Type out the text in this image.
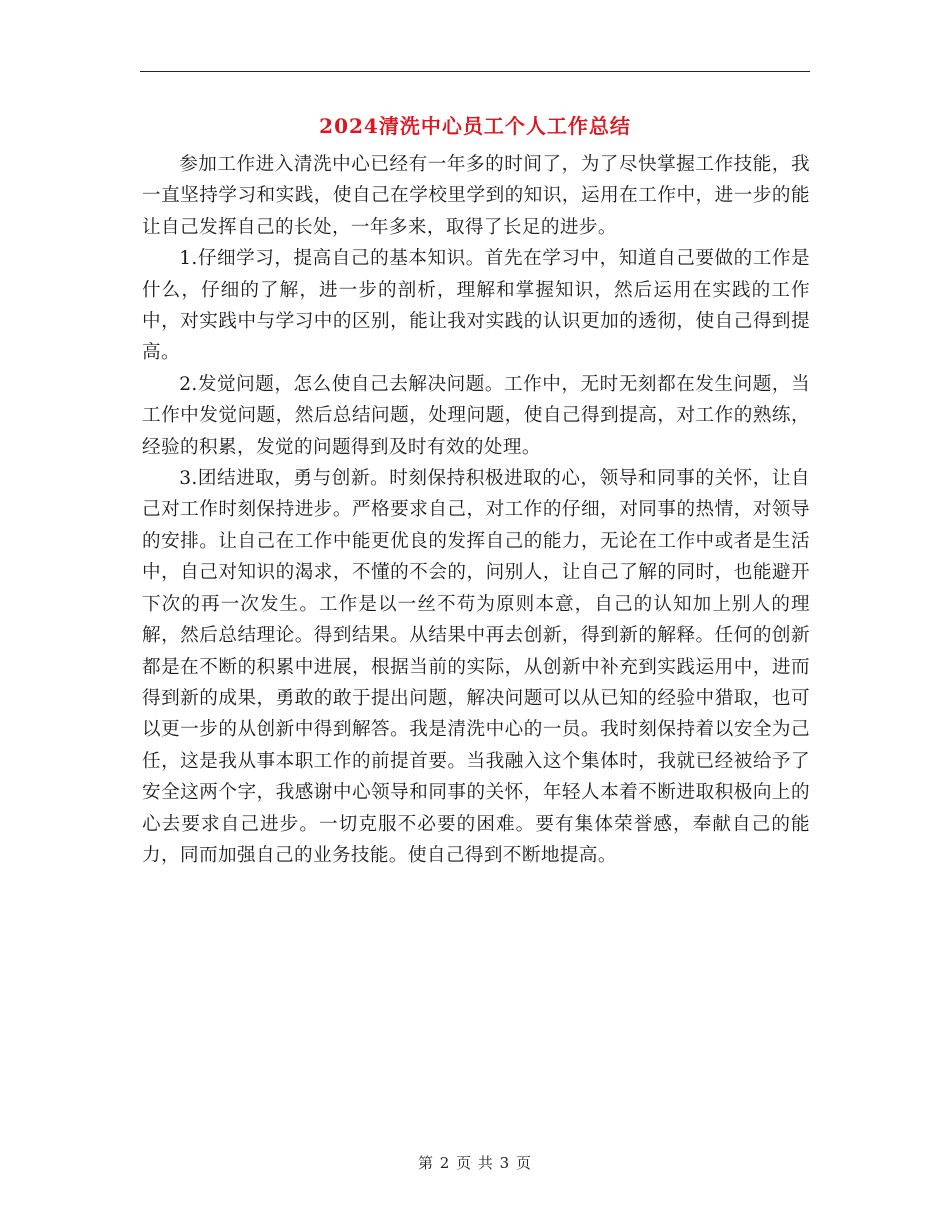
2024清洗中心员工个人工作总结

参加工作进入清洗中心已经有一年多的时间了，为了尽快掌握工作技能，我一直坚持学习和实践，使自己在学校里学到的知识，运用在工作中，进一步的能让自己发挥自己的长处，一年多来，取得了长足的进步。

1.仔细学习，提高自己的基本知识。首先在学习中，知道自己要做的工作是什么，仔细的了解，进一步的剖析，理解和掌握知识，然后运用在实践的工作中，对实践中与学习中的区别，能让我对实践的认识更加的透彻，使自己得到提高。

2.发觉问题，怎么使自己去解决问题。工作中，无时无刻都在发生问题，当工作中发觉问题，然后总结问题，处理问题，使自己得到提高，对工作的熟练，经验的积累，发觉的问题得到及时有效的处理。

3.团结进取，勇与创新。时刻保持积极进取的心，领导和同事的关怀，让自己对工作时刻保持进步。严格要求自己，对工作的仔细，对同事的热情，对领导的安排。让自己在工作中能更优良的发挥自己的能力，无论在工作中或者是生活中，自己对知识的渴求，不懂的不会的，问别人，让自己了解的同时，也能避开下次的再一次发生。工作是以一丝不苟为原则本意，自己的认知加上别人的理解，然后总结理论。得到结果。从结果中再去创新，得到新的解释。任何的创新都是在不断的积累中进展，根据当前的实际，从创新中补充到实践运用中，进而得到新的成果，勇敢的敢于提出问题，解决问题可以从已知的经验中猎取，也可以更一步的从创新中得到解答。我是清洗中心的一员。我时刻保持着以安全为己任，这是我从事本职工作的前提首要。当我融入这个集体时，我就已经被给予了安全这两个字，我感谢中心领导和同事的关怀，年轻人本着不断进取积极向上的心去要求自己进步。一切克服不必要的困难。要有集体荣誉感，奉献自己的能力，同而加强自己的业务技能。使自己得到不断地提高。

第 2 页 共 3 页
